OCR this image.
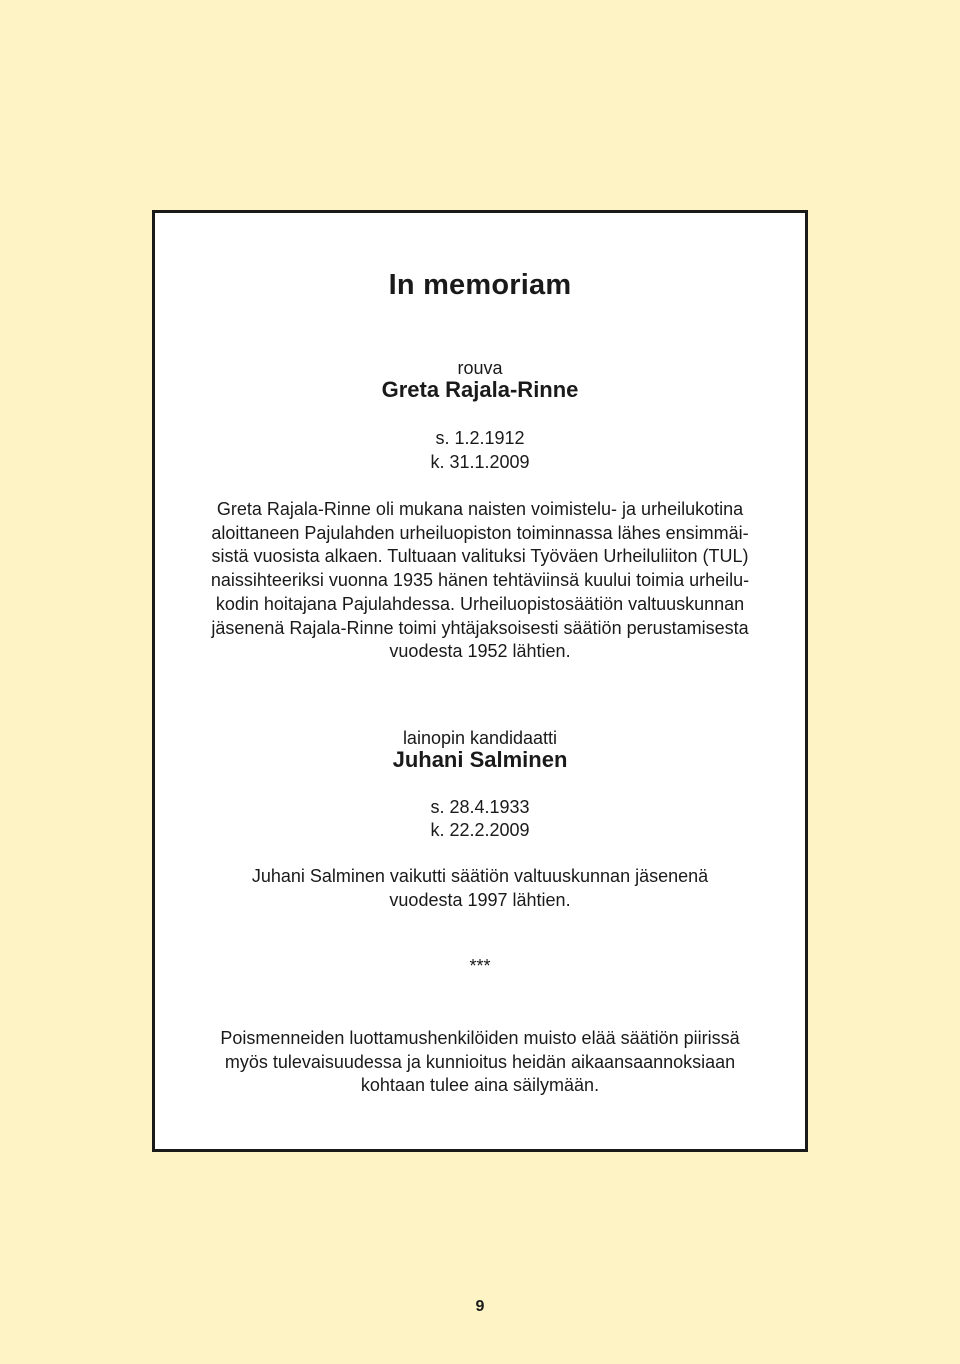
In memoriam
rouva
Greta Rajala-Rinne
s. 1.2.1912
k. 31.1.2009
Greta Rajala-Rinne oli mukana naisten voimistelu- ja urheilukotina
aloittaneen Pajulahden urheiluopiston toiminnassa lähes ensimmäi-
sistä vuosista alkaen. Tultuaan valituksi Työväen Urheiluliiton (TUL)
naissihteeriksi vuonna 1935 hänen tehtäviinsä kuului toimia urheilu-
kodin hoitajana Pajulahdessa. Urheiluopistosäätiön valtuuskunnan
jäsenenä Rajala-Rinne toimi yhtäjaksoisesti säätiön perustamisesta
vuodesta 1952 lähtien.
lainopin kandidaatti
Juhani Salminen
s. 28.4.1933
k. 22.2.2009
Juhani Salminen vaikutti säätiön valtuuskunnan jäsenenä
vuodesta 1997 lähtien.
***
Poismenneiden luottamushenkilöiden muisto elää säätiön piirissä
myös tulevaisuudessa ja kunnioitus heidän aikaansaannoksiaan
kohtaan tulee aina säilymään.
9
